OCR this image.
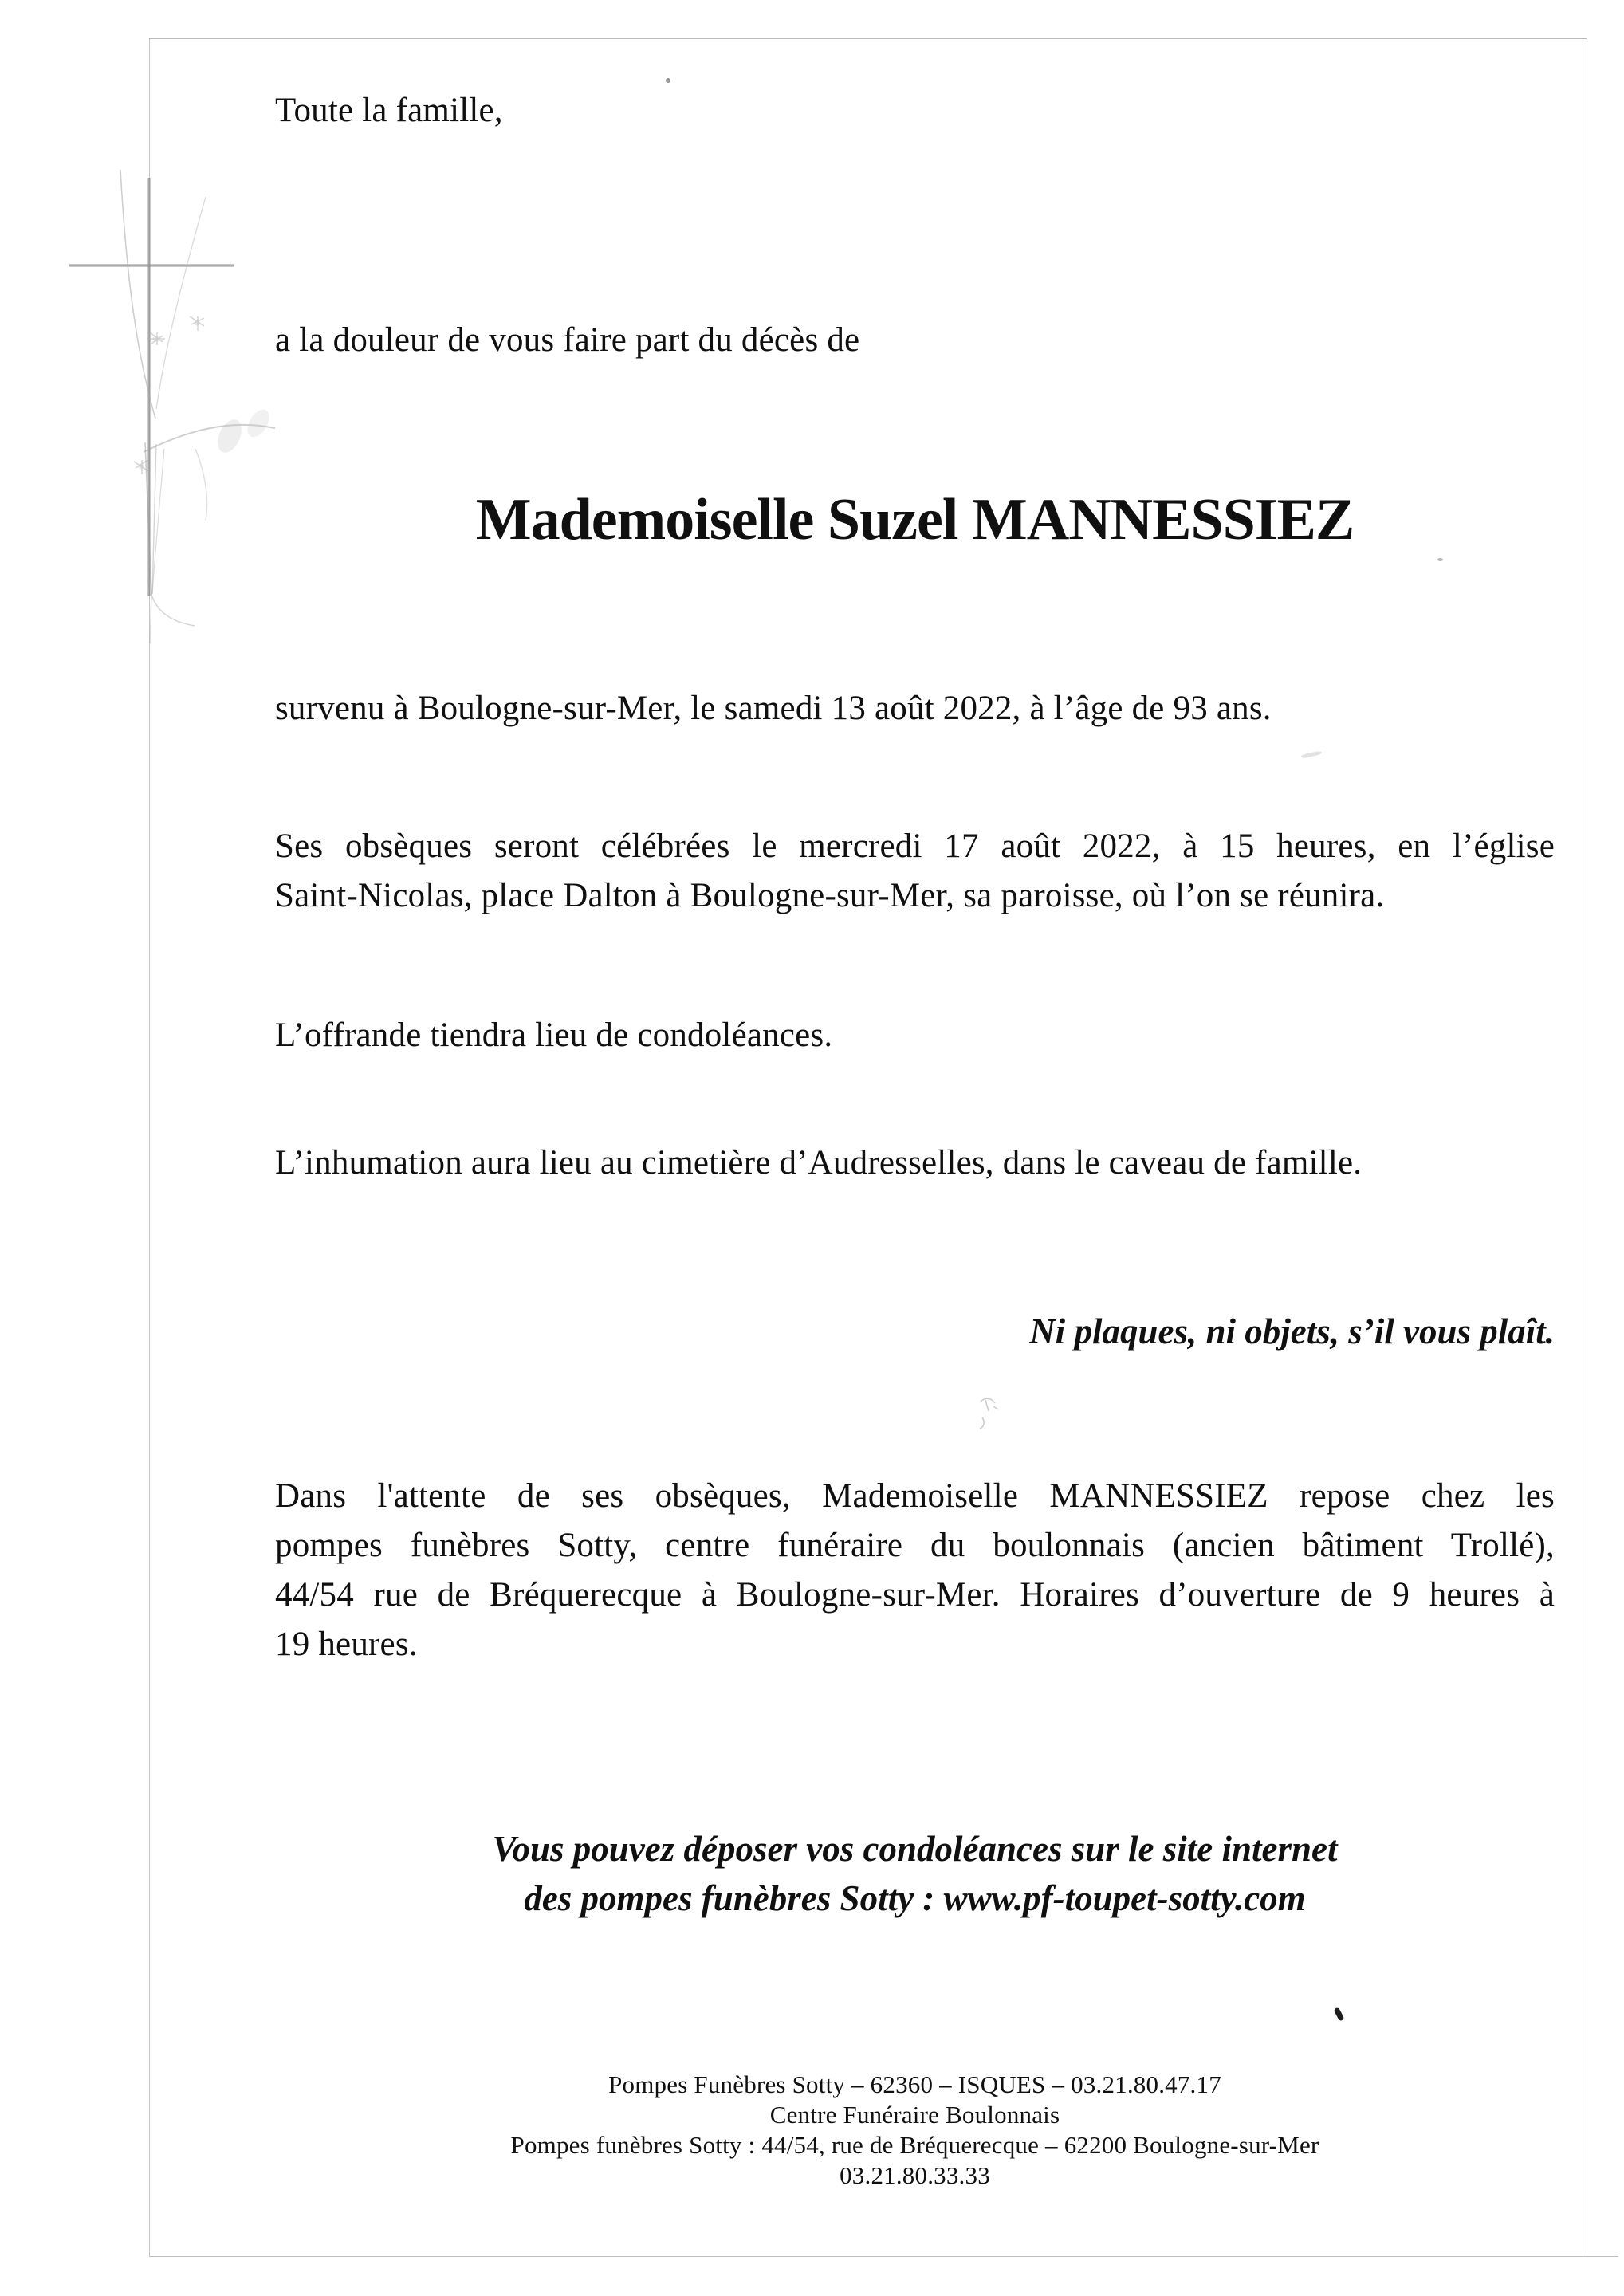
Toute la famille,
a la douleur de vous faire part du décès de
Mademoiselle Suzel MANNESSIEZ
survenu à Boulogne-sur-Mer, le samedi 13 août 2022, à l’âge de 93 ans.
Ses obsèques seront célébrées le mercredi 17 août 2022, à 15 heures, en l’église
Saint-Nicolas, place Dalton à Boulogne-sur-Mer, sa paroisse, où l’on se réunira.
L’offrande tiendra lieu de condoléances.
L’inhumation aura lieu au cimetière d’Audresselles, dans le caveau de famille.
Ni plaques, ni objets, s’il vous plaît.
Dans l'attente de ses obsèques, Mademoiselle MANNESSIEZ repose chez les
pompes funèbres Sotty, centre funéraire du boulonnais (ancien bâtiment Trollé),
44/54 rue de Bréquerecque à Boulogne-sur-Mer. Horaires d’ouverture de 9 heures à
19 heures.
Vous pouvez déposer vos condoléances sur le site internet
des pompes funèbres Sotty : www.pf-toupet-sotty.com
Pompes Funèbres Sotty – 62360 – ISQUES – 03.21.80.47.17
Centre Funéraire Boulonnais
Pompes funèbres Sotty : 44/54, rue de Bréquerecque – 62200 Boulogne-sur-Mer
03.21.80.33.33
